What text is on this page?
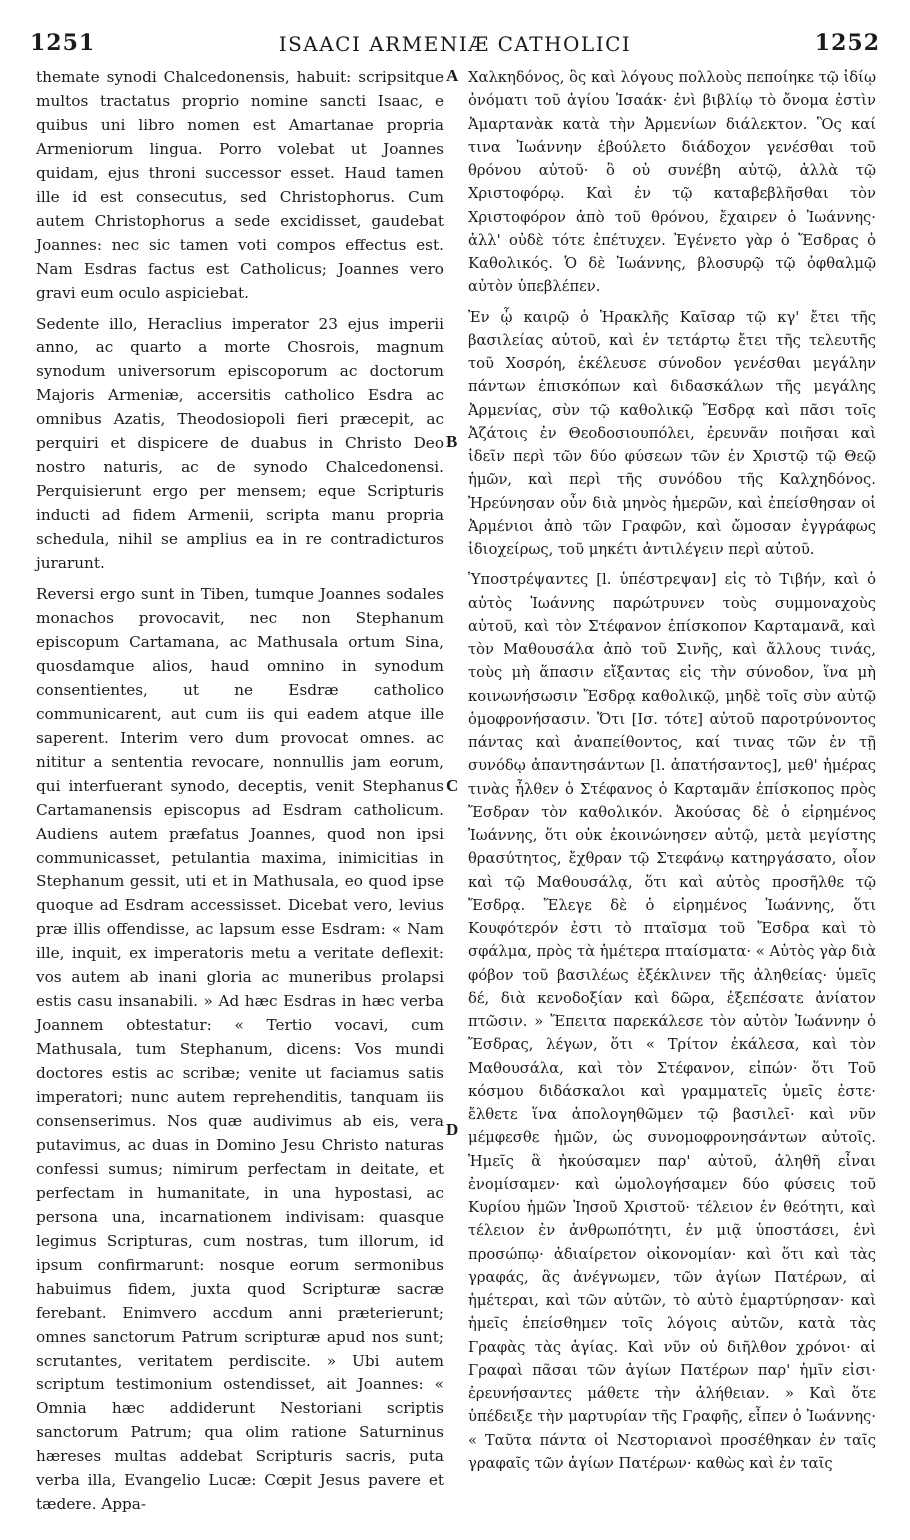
1251	ISAACI ARMENIÆ CATHOLICI	1252

themate synodi Chalcedonensis, habuit: scripsitque multos tractatus proprio nomine sancti Isaac, e quibus uni libro nomen est Amartanae propria Armeniorum lingua. Porro volebat ut Joannes quidam, ejus throni successor esset. Haud tamen ille id est consecutus, sed Christophorus. Cum autem Christophorus a sede excidisset, gaudebat Joannes: nec sic tamen voti compos effectus est. Nam Esdras factus est Catholicus; Joannes vero gravi eum oculo aspiciebat.

Sedente illo, Heraclius imperator 23 ejus imperii anno, ac quarto a morte Chosrois, magnum synodum universorum episcoporum ac doctorum Majoris Armeniæ, accersitis catholico Esdra ac omnibus Azatis, Theodosiopoli fieri præcepit, ac perquiri et dispicere de duabus in Christo Deo nostro naturis, ac de synodo Chalcedonensi. Perquisierunt ergo per mensem; eque Scripturis inducti ad fidem Armenii, scripta manu propria schedula, nihil se amplius ea in re contradicturos jurarunt.

Reversi ergo sunt in Tiben, tumque Joannes sodales monachos provocavit, nec non Stephanum episcopum Cartamana, ac Mathusala ortum Sina, quosdamque alios, haud omnino in synodum consentientes, ut ne Esdræ catholico communicarent, aut cum iis qui eadem atque ille saperent. Interim vero dum provocat omnes. ac nititur a sententia revocare, nonnullis jam eorum, qui interfuerant synodo, deceptis, venit Stephanus Cartamanensis episcopus ad Esdram catholicum. Audiens autem præfatus Joannes, quod non ipsi communicasset, petulantia maxima, inimicitias in Stephanum gessit, uti et in Mathusala, eo quod ipse quoque ad Esdram accessisset. Dicebat vero, levius præ illis offendisse, ac lapsum esse Esdram: « Nam ille, inquit, ex imperatoris metu a veritate deflexit: vos autem ab inani gloria ac muneribus prolapsi estis casu insanabili. » Ad hæc Esdras in hæc verba Joannem obtestatur: « Tertio vocavi, cum Mathusala, tum Stephanum, dicens: Vos mundi doctores estis ac scribæ; venite ut faciamus satis imperatori; nunc autem reprehenditis, tanquam iis consenserimus. Nos quæ audivimus ab eis, vera putavimus, ac duas in Domino Jesu Christo naturas confessi sumus; nimirum perfectam in deitate, et perfectam in humanitate, in una hypostasi, ac persona una, incarnationem indivisam: quasque legimus Scripturas, cum nostras, tum illorum, id ipsum confirmarunt: nosque eorum sermonibus habuimus fidem, juxta quod Scripturæ sacræ ferebant. Enimvero accdum anni præterierunt; omnes sanctorum Patrum scripturæ apud nos sunt; scrutantes, veritatem perdiscite. » Ubi autem scriptum testimonium ostendisset, ait Joannes: « Omnia hæc addiderunt Nestoriani scriptis sanctorum Patrum; qua olim ratione Saturninus hæreses multas addebat Scripturis sacris, puta verba illa, Evangelio Lucæ: Cœpit Jesus pavere et tædere. Appa-

A
B
C
D

Χαλκηδόνος, ὃς καὶ λόγους πολλοὺς πεποίηκε τῷ ἰδίῳ ὀνόματι τοῦ ἁγίου Ἰσαάκ· ἐνὶ βιβλίῳ τὸ ὄνομα ἐστὶν Ἀμαρτανὰκ κατὰ τὴν Ἀρμενίων διάλεκτον. Ὃς καί τινα Ἰωάννην ἐβούλετο διάδοχον γενέσθαι τοῦ θρόνου αὐτοῦ· ὃ οὐ συνέβη αὐτῷ, ἀλλὰ τῷ Χριστοφόρῳ. Καὶ ἐν τῷ καταβεβλῆσθαι τὸν Χριστοφόρον ἀπὸ τοῦ θρόνου, ἔχαιρεν ὁ Ἰωάννης· ἀλλ' οὐδὲ τότε ἐπέτυχεν. Ἐγένετο γὰρ ὁ Ἔσδρας ὁ Καθολικός. Ὁ δὲ Ἰωάννης, βλοσυρῷ τῷ ὀφθαλμῷ αὐτὸν ὑπεβλέπεν.

Ἐν ᾧ καιρῷ ὁ Ἡρακλῆς Καῖσαρ τῷ κγ' ἔτει τῆς βασιλείας αὐτοῦ, καὶ ἐν τετάρτῳ ἔτει τῆς τελευτῆς τοῦ Χοσρόη, ἐκέλευσε σύνοδον γενέσθαι μεγάλην πάντων ἐπισκόπων καὶ διδασκάλων τῆς μεγάλης Ἀρμενίας, σὺν τῷ καθολικῷ Ἔσδρᾳ καὶ πᾶσι τοῖς Ἀζάτοις ἐν Θεοδοσιουπόλει, ἐρευνᾶν ποιῆσαι καὶ ἰδεῖν περὶ τῶν δύο φύσεων τῶν ἐν Χριστῷ τῷ Θεῷ ἡμῶν, καὶ περὶ τῆς συνόδου τῆς Καλχηδόνος. Ἠρεύνησαν οὖν διὰ μηνὸς ἡμερῶν, καὶ ἐπείσθησαν οἱ Ἀρμένιοι ἀπὸ τῶν Γραφῶν, καὶ ὤμοσαν ἐγγράφως ἰδιοχείρως, τοῦ μηκέτι ἀντιλέγειν περὶ αὐτοῦ.

Ὑποστρέψαντες [l. ὑπέστρεψαν] εἰς τὸ Τιβήν, καὶ ὁ αὐτὸς Ἰωάννης παρώτρυνεν τοὺς συμμοναχοὺς αὐτοῦ, καὶ τὸν Στέφανον ἐπίσκοπον Καρταμανᾶ, καὶ τὸν Μαθουσάλα ἀπὸ τοῦ Σινῆς, καὶ ἄλλους τινάς, τοὺς μὴ ἅπασιν εἴξαντας εἰς τὴν σύνοδον, ἵνα μὴ κοινωνήσωσιν Ἔσδρᾳ καθολικῷ, μηδὲ τοῖς σὺν αὐτῷ ὁμοφρονήσασιν. Ὅτι [Ισ. τότε] αὐτοῦ παροτρύνοντος πάντας καὶ ἀναπείθοντος, καί τινας τῶν ἐν τῇ συνόδῳ ἀπαντησάντων [l. ἀπατήσαντος], μεθ' ἡμέρας τινὰς ἦλθεν ὁ Στέφανος ὁ Καρταμᾶν ἐπίσκοπος πρὸς Ἔσδραν τὸν καθολικόν. Ἀκούσας δὲ ὁ εἰρημένος Ἰωάννης, ὅτι οὐκ ἐκοινώνησεν αὐτῷ, μετὰ μεγίστης θρασύτητος, ἔχθραν τῷ Στεφάνῳ κατηργάσατο, οἷον καὶ τῷ Μαθουσάλᾳ, ὅτι καὶ αὐτὸς προσῆλθε τῷ Ἔσδρᾳ. Ἔλεγε δὲ ὁ εἰρημένος Ἰωάννης, ὅτι Κουφότερόν ἐστι τὸ πταῖσμα τοῦ Ἔσδρα καὶ τὸ σφάλμα, πρὸς τὰ ἡμέτερα πταίσματα· « Αὐτὸς γὰρ διὰ φόβον τοῦ βασιλέως ἐξέκλινεν τῆς ἀληθείας· ὑμεῖς δέ, διὰ κενοδοξίαν καὶ δῶρα, ἐξεπέσατε ἀνίατον πτῶσιν. » Ἔπειτα παρεκάλεσε τὸν αὐτὸν Ἰωάννην ὁ Ἔσδρας, λέγων, ὅτι « Τρίτον ἐκάλεσα, καὶ τὸν Μαθουσάλα, καὶ τὸν Στέφανον, εἰπών· ὅτι Τοῦ κόσμου διδάσκαλοι καὶ γραμματεῖς ὑμεῖς ἐστε· ἔλθετε ἵνα ἀπολογηθῶμεν τῷ βασιλεῖ· καὶ νῦν μέμφεσθε ἡμῶν, ὡς συνομοφρονησάντων αὐτοῖς. Ἡμεῖς ἃ ἠκούσαμεν παρ' αὐτοῦ, ἀληθῆ εἶναι ἐνομίσαμεν· καὶ ὡμολογήσαμεν δύο φύσεις τοῦ Κυρίου ἡμῶν Ἰησοῦ Χριστοῦ· τέλειον ἐν θεότητι, καὶ τέλειον ἐν ἀνθρωπότητι, ἐν μιᾷ ὑποστάσει, ἑνὶ προσώπῳ· ἀδιαίρετον οἰκονομίαν· καὶ ὅτι καὶ τὰς γραφάς, ἃς ἀνέγνωμεν, τῶν ἁγίων Πατέρων, αἱ ἡμέτεραι, καὶ τῶν αὐτῶν, τὸ αὐτὸ ἐμαρτύρησαν· καὶ ἡμεῖς ἐπείσθημεν τοῖς λόγοις αὐτῶν, κατὰ τὰς Γραφὰς τὰς ἁγίας. Καὶ νῦν οὐ διῆλθον χρόνοι· αἱ Γραφαὶ πᾶσαι τῶν ἁγίων Πατέρων παρ' ἡμῖν εἰσι· ἐρευνήσαντες μάθετε τὴν ἀλήθειαν. » Καὶ ὅτε ὑπέδειξε τὴν μαρτυρίαν τῆς Γραφῆς, εἶπεν ὁ Ἰωάννης· « Ταῦτα πάντα οἱ Νεστοριανοὶ προσέθηκαν ἐν ταῖς γραφαῖς τῶν ἁγίων Πατέρων· καθὼς καὶ ἐν ταῖς
